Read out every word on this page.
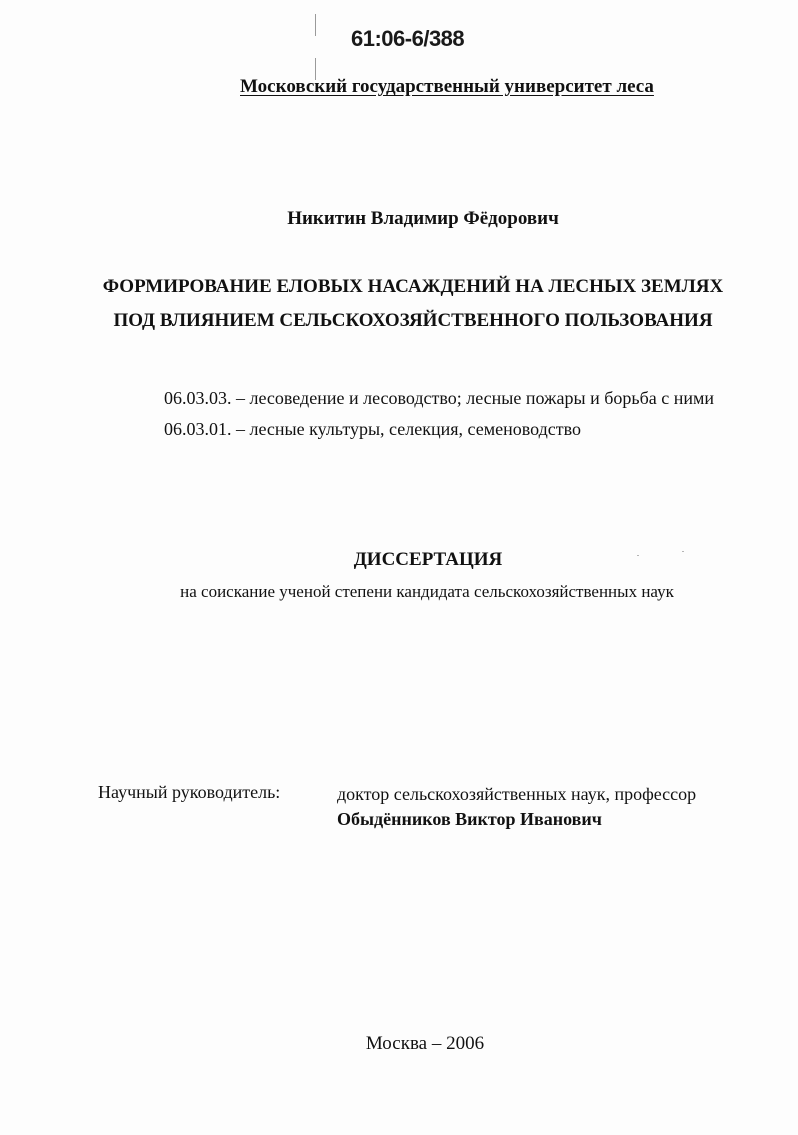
61:06-6/388
Московский государственный университет леса
Никитин Владимир Фёдорович
ФОРМИРОВАНИЕ ЕЛОВЫХ НАСАЖДЕНИЙ НА ЛЕСНЫХ ЗЕМЛЯХ
ПОД ВЛИЯНИЕМ СЕЛЬСКОХОЗЯЙСТВЕННОГО ПОЛЬЗОВАНИЯ
06.03.03. – лесоведение и лесоводство; лесные пожары и борьба с ними
06.03.01. – лесные культуры, селекция, семеноводство
ДИССЕРТАЦИЯ
на соискание ученой степени кандидата сельскохозяйственных наук
Научный руководитель:	доктор сельскохозяйственных наук, профессор
Обыдёнников Виктор Иванович
Москва – 2006
